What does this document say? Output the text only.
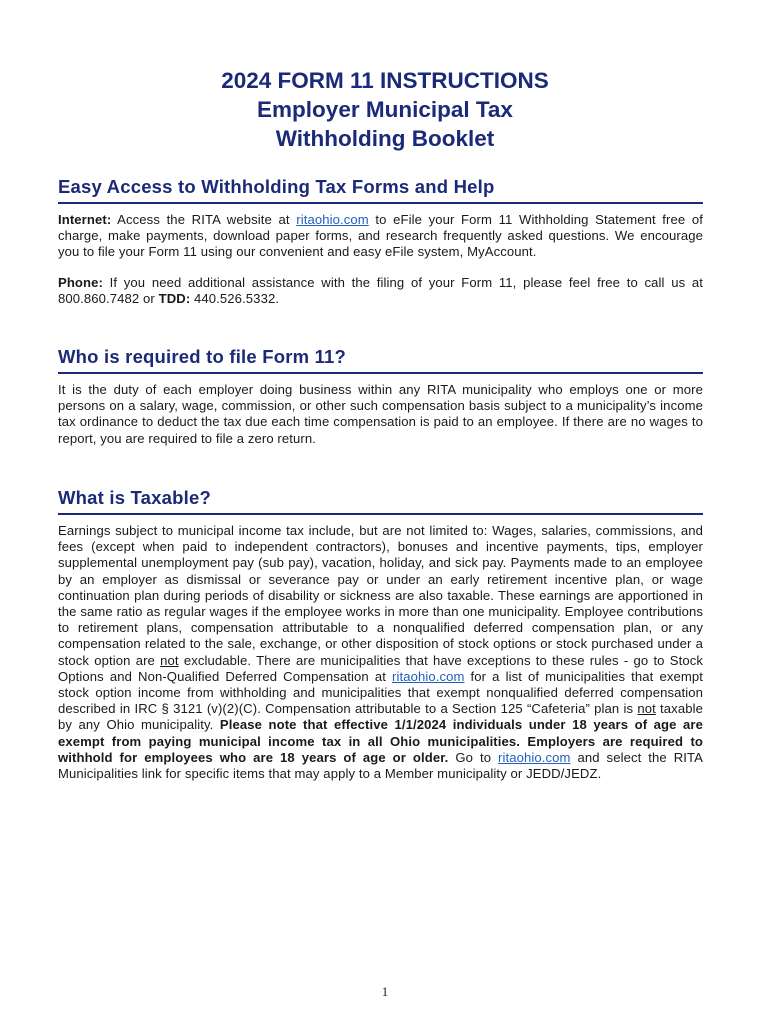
2024 FORM 11 INSTRUCTIONS
Employer Municipal Tax
Withholding Booklet
Easy Access to Withholding Tax Forms and Help

Internet: Access the RITA website at ritaohio.com to eFile your Form 11 Withholding Statement free of charge, make payments, download paper forms, and research frequently asked questions. We encourage you to file your Form 11 using our convenient and easy eFile system, MyAccount.

Phone: If you need additional assistance with the filing of your Form 11, please feel free to call us at 800.860.7482 or TDD: 440.526.5332.

Who is required to file Form 11?

It is the duty of each employer doing business within any RITA municipality who employs one or more persons on a salary, wage, commission, or other such compensation basis subject to a municipality’s income tax ordinance to deduct the tax due each time compensation is paid to an employee. If there are no wages to report, you are required to file a zero return.

What is Taxable?

Earnings subject to municipal income tax include, but are not limited to: Wages, salaries, commissions, and fees (except when paid to independent contractors), bonuses and incentive payments, tips, employer supplemental unemployment pay (sub pay), vacation, holiday, and sick pay. Payments made to an employee by an employer as dismissal or severance pay or under an early retirement incentive plan, or wage continuation plan during periods of disability or sickness are also taxable. These earnings are apportioned in the same ratio as regular wages if the employee works in more than one municipality. Employee contributions to retirement plans, compensation attributable to a nonqualified deferred compensation plan, or any compensation related to the sale, exchange, or other disposition of stock options or stock purchased under a stock option are not excludable. There are municipalities that have exceptions to these rules - go to Stock Options and Non-Qualified Deferred Compensation at ritaohio.com for a list of municipalities that exempt stock option income from withholding and municipalities that exempt nonqualified deferred compensation described in IRC § 3121 (v)(2)(C). Compensation attributable to a Section 125 “Cafeteria” plan is not taxable by any Ohio municipality. Please note that effective 1/1/2024 individuals under 18 years of age are exempt from paying municipal income tax in all Ohio municipalities. Employers are required to withhold for employees who are 18 years of age or older. Go to ritaohio.com and select the RITA Municipalities link for specific items that may apply to a Member municipality or JEDD/JEDZ.

1
